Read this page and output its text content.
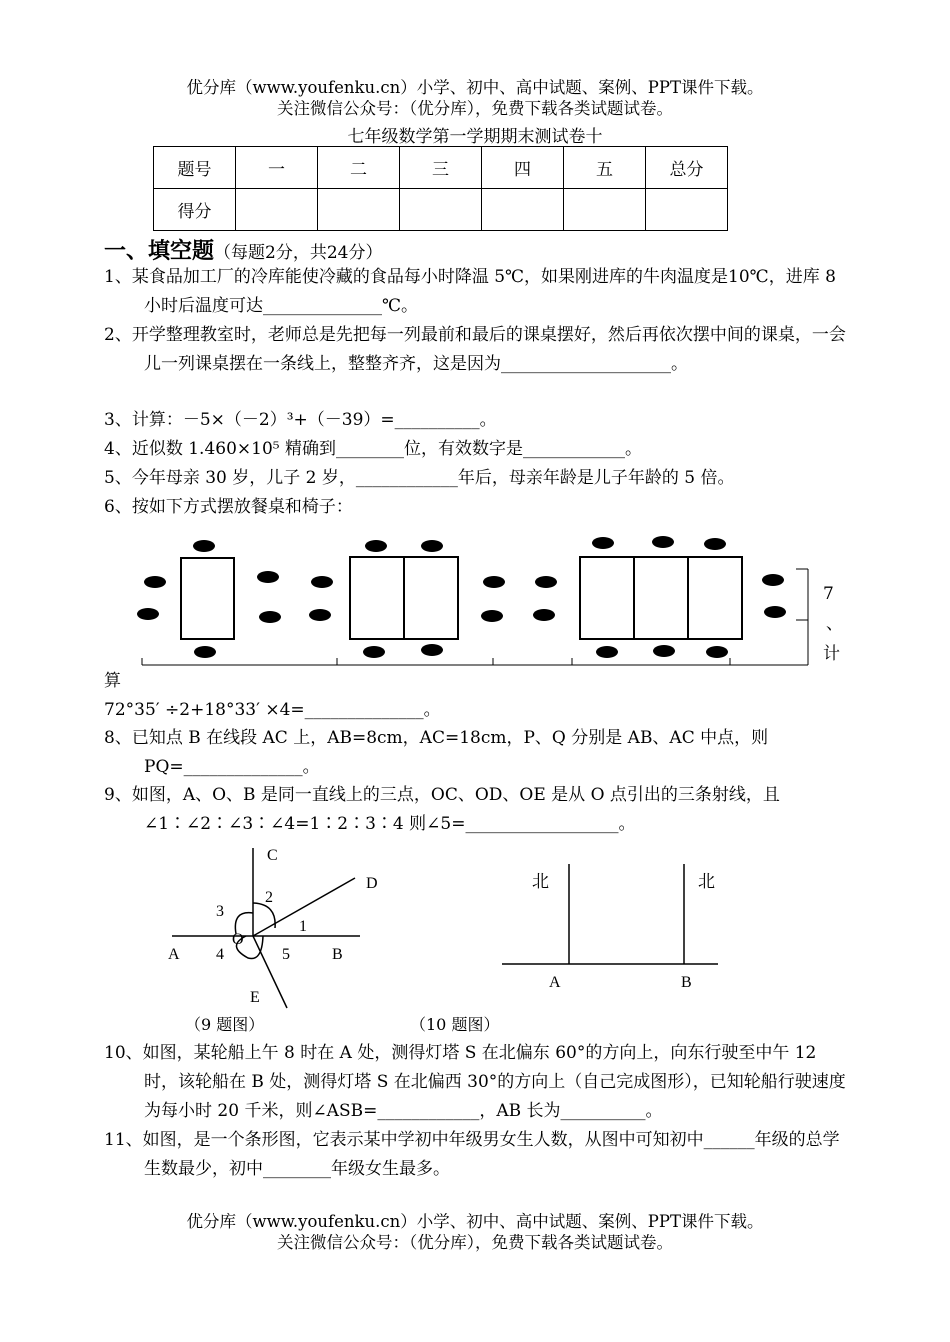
优分库（www.youfenku.cn）小学、初中、高中试题、案例、PPT课件下载。
关注微信公众号：（优分库），免费下载各类试题试卷。
七年级数学第一学期期末测试卷十
题号	一	二	三	四	五	总分
得分						
一、填空题（每题2分，共24分）
1、某食品加工厂的冷库能使冷藏的食品每小时降温 5℃，如果刚进库的牛肉温度是10℃，进库 8 小时后温度可达______________℃。
2、开学整理教室时，老师总是先把每一列最前和最后的课桌摆好，然后再依次摆中间的课桌，一会儿一列课桌摆在一条线上，整整齐齐，这是因为____________________。
3、计算：－5×（－2）³+（－39）=__________。
4、近似数 1.460×10⁵ 精确到________位，有效数字是____________。
5、今年母亲 30 岁，儿子 2 岁，____________年后，母亲年龄是儿子年龄的 5 倍。
6、按如下方式摆放餐桌和椅子：
7
、
计
算
72°35′ ÷2+18°33′ ×4=______________。
8、已知点 B 在线段 AC 上，AB=8cm，AC=18cm，P、Q 分别是 AB、AC 中点，则 PQ=______________。
9、如图，A、O、B 是同一直线上的三点，OC、OD、OE 是从 O 点引出的三条射线，且∠1∶∠2∶∠3∶∠4=1∶2∶3∶4 则∠5=__________________。
C
D
A	B
E
O
1
2
3
4	5
（9 题图）
北	北
A	B
（10 题图）
10、如图，某轮船上午 8 时在 A 处，测得灯塔 S 在北偏东 60°的方向上，向东行驶至中午 12 时，该轮船在 B 处，测得灯塔 S 在北偏西 30°的方向上（自己完成图形），已知轮船行驶速度为每小时 20 千米，则∠ASB=____________，AB 长为__________。
11、如图，是一个条形图，它表示某中学初中年级男女生人数，从图中可知初中______年级的总学生数最少，初中________年级女生最多。
优分库（www.youfenku.cn）小学、初中、高中试题、案例、PPT课件下载。
关注微信公众号：（优分库），免费下载各类试题试卷。
